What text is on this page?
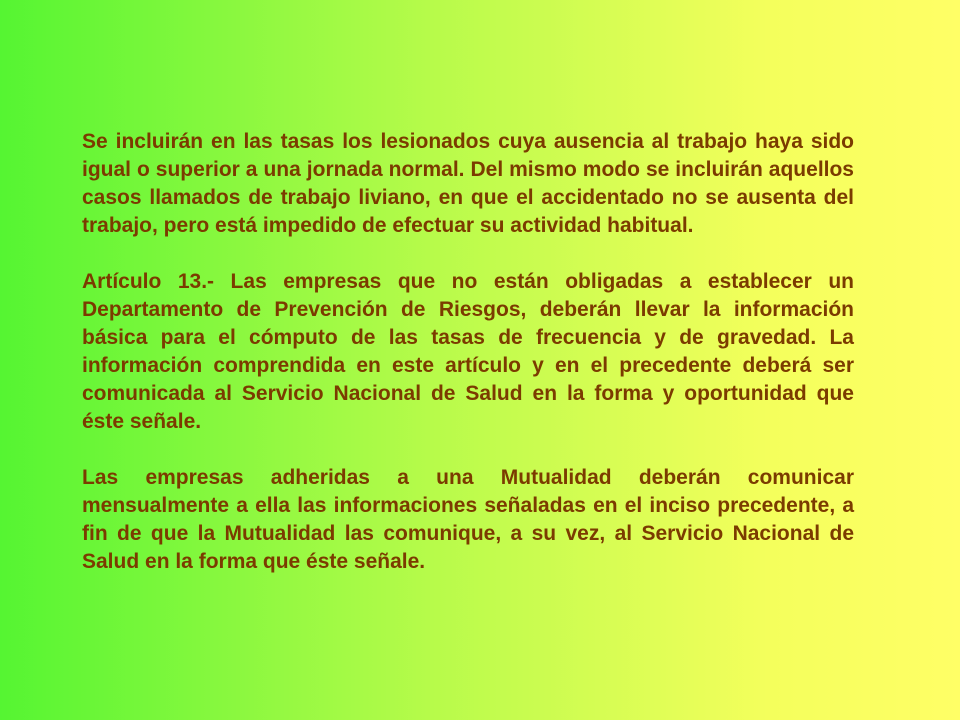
Se incluirán en las tasas los lesionados cuya ausencia al trabajo haya sido igual o superior a una jornada normal. Del mismo modo se incluirán aquellos casos llamados de trabajo liviano, en que el accidentado no se ausenta del trabajo, pero está impedido de efectuar su actividad habitual.

Artículo 13.- Las empresas que no están obligadas a establecer un Departamento de Prevención de Riesgos, deberán llevar la información básica para el cómputo de las tasas de frecuencia y de gravedad. La información comprendida en este artículo y en el precedente deberá ser comunicada al Servicio Nacional de Salud en la forma y oportunidad que éste señale.

Las empresas adheridas a una Mutualidad deberán comunicar mensualmente a ella las informaciones señaladas en el inciso precedente, a fin de que la Mutualidad las comunique, a su vez, al Servicio Nacional de Salud en la forma que éste señale.
